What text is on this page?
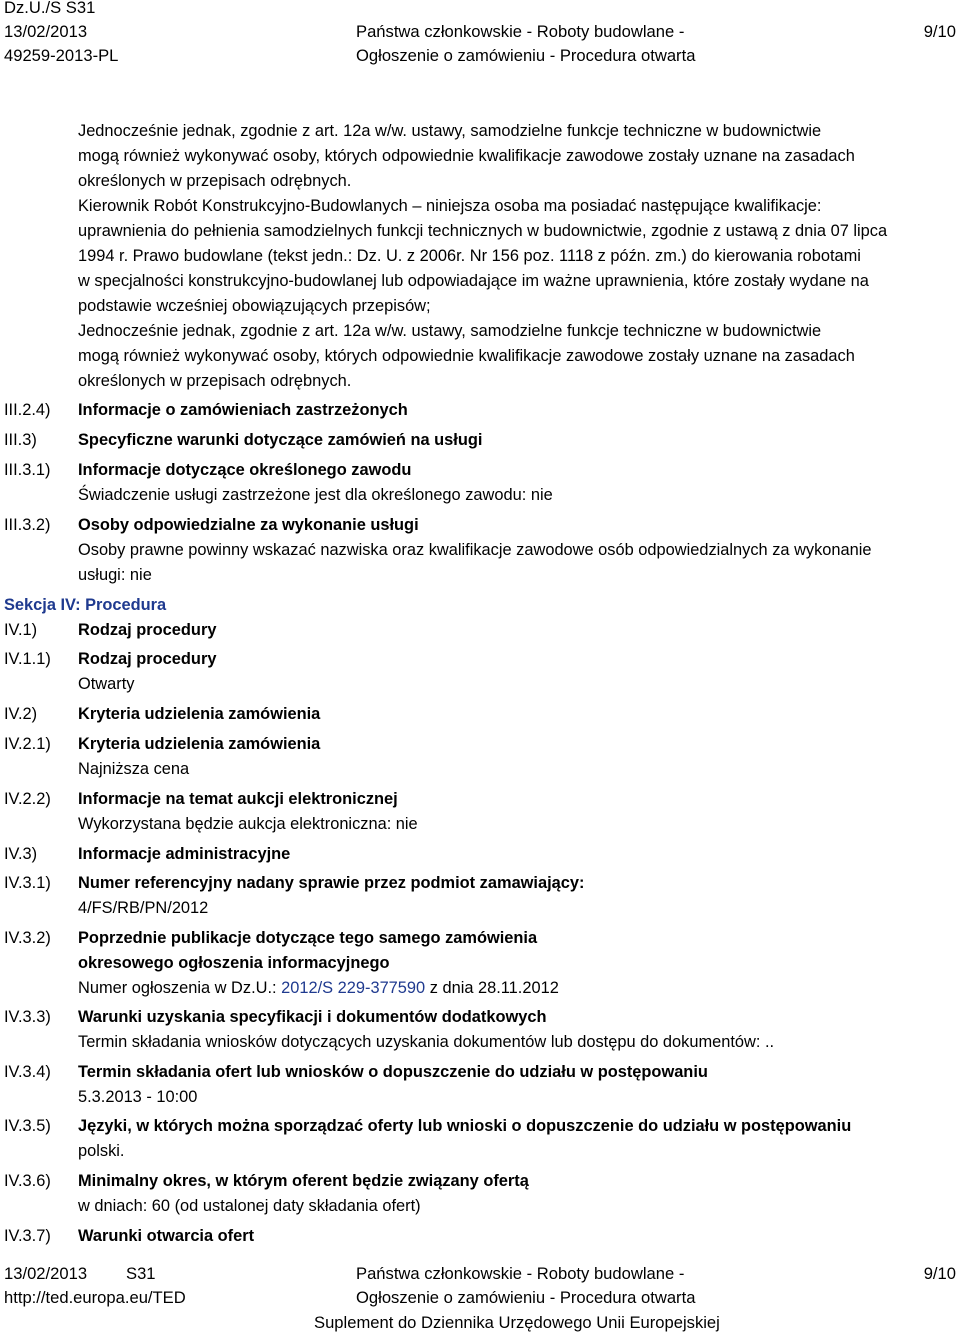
Dz.U./S S31
13/02/2013
49259-2013-PL
Państwa członkowskie - Roboty budowlane -
Ogłoszenie o zamówieniu - Procedura otwarta
9/10
Jednocześnie jednak, zgodnie z art. 12a w/w. ustawy, samodzielne funkcje techniczne w budownictwie
mogą również wykonywać osoby, których odpowiednie kwalifikacje zawodowe zostały uznane na zasadach
określonych w przepisach odrębnych.
Kierownik Robót Konstrukcyjno-Budowlanych – niniejsza osoba ma posiadać następujące kwalifikacje:
uprawnienia do pełnienia samodzielnych funkcji technicznych w budownictwie, zgodnie z ustawą z dnia 07 lipca
1994 r. Prawo budowlane (tekst jedn.: Dz. U. z 2006r. Nr 156 poz. 1118 z późn. zm.) do kierowania robotami
w specjalności konstrukcyjno-budowlanej lub odpowiadające im ważne uprawnienia, które zostały wydane na
podstawie wcześniej obowiązujących przepisów;
Jednocześnie jednak, zgodnie z art. 12a w/w. ustawy, samodzielne funkcje techniczne w budownictwie
mogą również wykonywać osoby, których odpowiednie kwalifikacje zawodowe zostały uznane na zasadach
określonych w przepisach odrębnych.
III.2.4) Informacje o zamówieniach zastrzeżonych
III.3)	Specyficzne warunki dotyczące zamówień na usługi
III.3.1) Informacje dotyczące określonego zawodu
Świadczenie usługi zastrzeżone jest dla określonego zawodu: nie
III.3.2) Osoby odpowiedzialne za wykonanie usługi
Osoby prawne powinny wskazać nazwiska oraz kwalifikacje zawodowe osób odpowiedzialnych za wykonanie
usługi: nie
Sekcja IV: Procedura
IV.1) Rodzaj procedury
IV.1.1) Rodzaj procedury
Otwarty
IV.2) Kryteria udzielenia zamówienia
IV.2.1) Kryteria udzielenia zamówienia
Najniższa cena
IV.2.2) Informacje na temat aukcji elektronicznej
Wykorzystana będzie aukcja elektroniczna: nie
IV.3) Informacje administracyjne
IV.3.1) Numer referencyjny nadany sprawie przez podmiot zamawiający:
4/FS/RB/PN/2012
IV.3.2) Poprzednie publikacje dotyczące tego samego zamówienia
okresowego ogłoszenia informacyjnego
Numer ogłoszenia w Dz.U.: 2012/S 229-377590 z dnia 28.11.2012
IV.3.3) Warunki uzyskania specyfikacji i dokumentów dodatkowych
Termin składania wniosków dotyczących uzyskania dokumentów lub dostępu do dokumentów: ..
IV.3.4) Termin składania ofert lub wniosków o dopuszczenie do udziału w postępowaniu
5.3.2013 - 10:00
IV.3.5) Języki, w których można sporządzać oferty lub wnioski o dopuszczenie do udziału w postępowaniu
polski.
IV.3.6) Minimalny okres, w którym oferent będzie związany ofertą
w dniach: 60 (od ustalonej daty składania ofert)
IV.3.7) Warunki otwarcia ofert
13/02/2013 S31
http://ted.europa.eu/TED
Państwa członkowskie - Roboty budowlane -
Ogłoszenie o zamówieniu - Procedura otwarta
Suplement do Dziennika Urzędowego Unii Europejskiej
9/10
